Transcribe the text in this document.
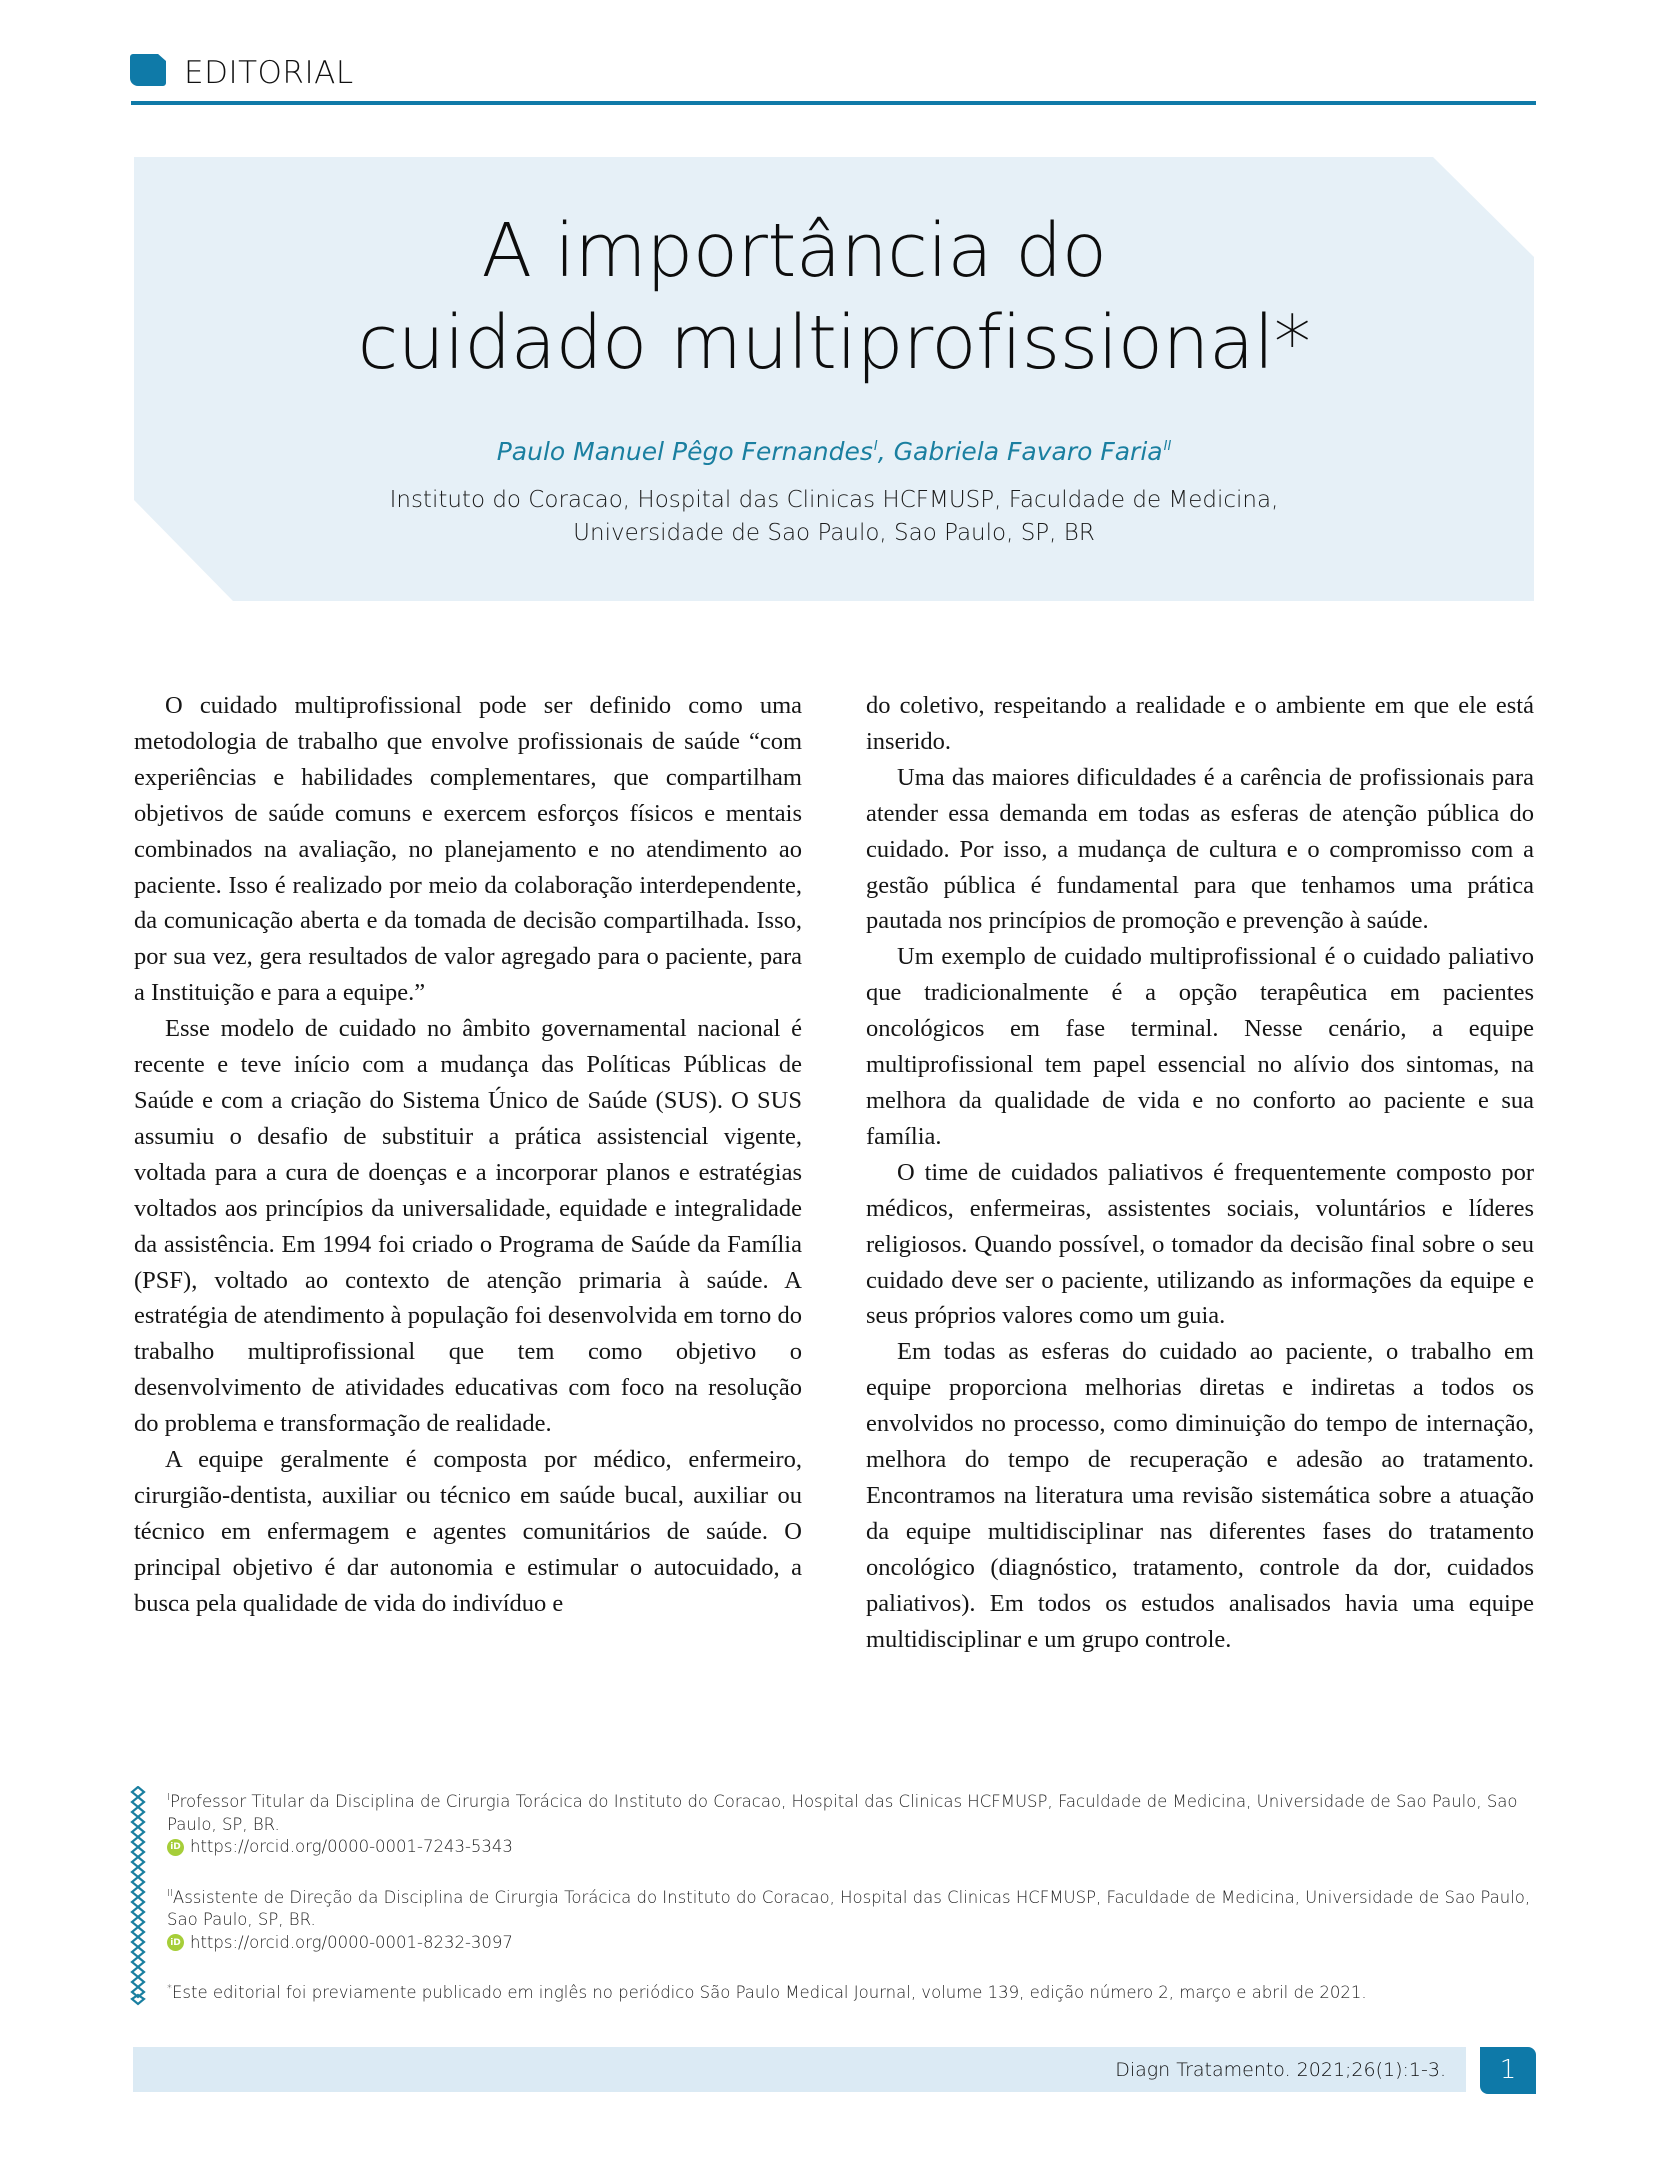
EDITORIAL
A importância do
cuidado multiprofissional*
Paulo Manuel Pêgo Fernandes$^I$, Gabriela Favaro Faria$^{II}$
Instituto do Coracao, Hospital das Clinicas HCFMUSP, Faculdade de Medicina,
Universidade de Sao Paulo, Sao Paulo, SP, BR

O cuidado multiprofissional pode ser definido como uma metodologia de trabalho que envolve profissionais de saúde “com experiências e habilidades complementares, que compartilham objetivos de saúde comuns e exercem esforços físicos e mentais combinados na avaliação, no planejamento e no atendimento ao paciente. Isso é realizado por meio da colaboração interdependente, da comunicação aberta e da tomada de decisão compartilhada. Isso, por sua vez, gera resultados de valor agregado para o paciente, para a Instituição e para a equipe.”

Esse modelo de cuidado no âmbito governamental nacional é recente e teve início com a mudança das Políticas Públicas de Saúde e com a criação do Sistema Único de Saúde (SUS). O SUS assumiu o desafio de substituir a prática assistencial vigente, voltada para a cura de doenças e a incorporar planos e estratégias voltados aos princípios da universalidade, equidade e integralidade da assistência. Em 1994 foi criado o Programa de Saúde da Família (PSF), voltado ao contexto de atenção primaria à saúde. A estratégia de atendimento à população foi desenvolvida em torno do trabalho multiprofissional que tem como objetivo o desenvolvimento de atividades educativas com foco na resolução do problema e transformação de realidade.

A equipe geralmente é composta por médico, enfermeiro, cirurgião-dentista, auxiliar ou técnico em saúde bucal, auxiliar ou técnico em enfermagem e agentes comunitários de saúde. O principal objetivo é dar autonomia e estimular o autocuidado, a busca pela qualidade de vida do indivíduo e

do coletivo, respeitando a realidade e o ambiente em que ele está inserido.

Uma das maiores dificuldades é a carência de profissionais para atender essa demanda em todas as esferas de atenção pública do cuidado. Por isso, a mudança de cultura e o compromisso com a gestão pública é fundamental para que tenhamos uma prática pautada nos princípios de promoção e prevenção à saúde.

Um exemplo de cuidado multiprofissional é o cuidado paliativo que tradicionalmente é a opção terapêutica em pacientes oncológicos em fase terminal. Nesse cenário, a equipe multiprofissional tem papel essencial no alívio dos sintomas, na melhora da qualidade de vida e no conforto ao paciente e sua família.

O time de cuidados paliativos é frequentemente composto por médicos, enfermeiras, assistentes sociais, voluntários e líderes religiosos. Quando possível, o tomador da decisão final sobre o seu cuidado deve ser o paciente, utilizando as informações da equipe e seus próprios valores como um guia.

Em todas as esferas do cuidado ao paciente, o trabalho em equipe proporciona melhorias diretas e indiretas a todos os envolvidos no processo, como diminuição do tempo de internação, melhora do tempo de recuperação e adesão ao tratamento. Encontramos na literatura uma revisão sistemática sobre a atuação da equipe multidisciplinar nas diferentes fases do tratamento oncológico (diagnóstico, tratamento, controle da dor, cuidados paliativos). Em todos os estudos analisados havia uma equipe multidisciplinar e um grupo controle.

$^I$Professor Titular da Disciplina de Cirurgia Torácica do Instituto do Coracao, Hospital das Clinicas HCFMUSP, Faculdade de Medicina, Universidade de Sao Paulo, Sao Paulo, SP, BR.
iD https://orcid.org/0000-0001-7243-5343
$^{II}$Assistente de Direção da Disciplina de Cirurgia Torácica do Instituto do Coracao, Hospital das Clinicas HCFMUSP, Faculdade de Medicina, Universidade de Sao Paulo, Sao Paulo, SP, BR.
iD https://orcid.org/0000-0001-8232-3097
*Este editorial foi previamente publicado em inglês no periódico São Paulo Medical Journal, volume 139, edição número 2, março e abril de 2021.
Diagn Tratamento. 2021;26(1):1-3.	1
